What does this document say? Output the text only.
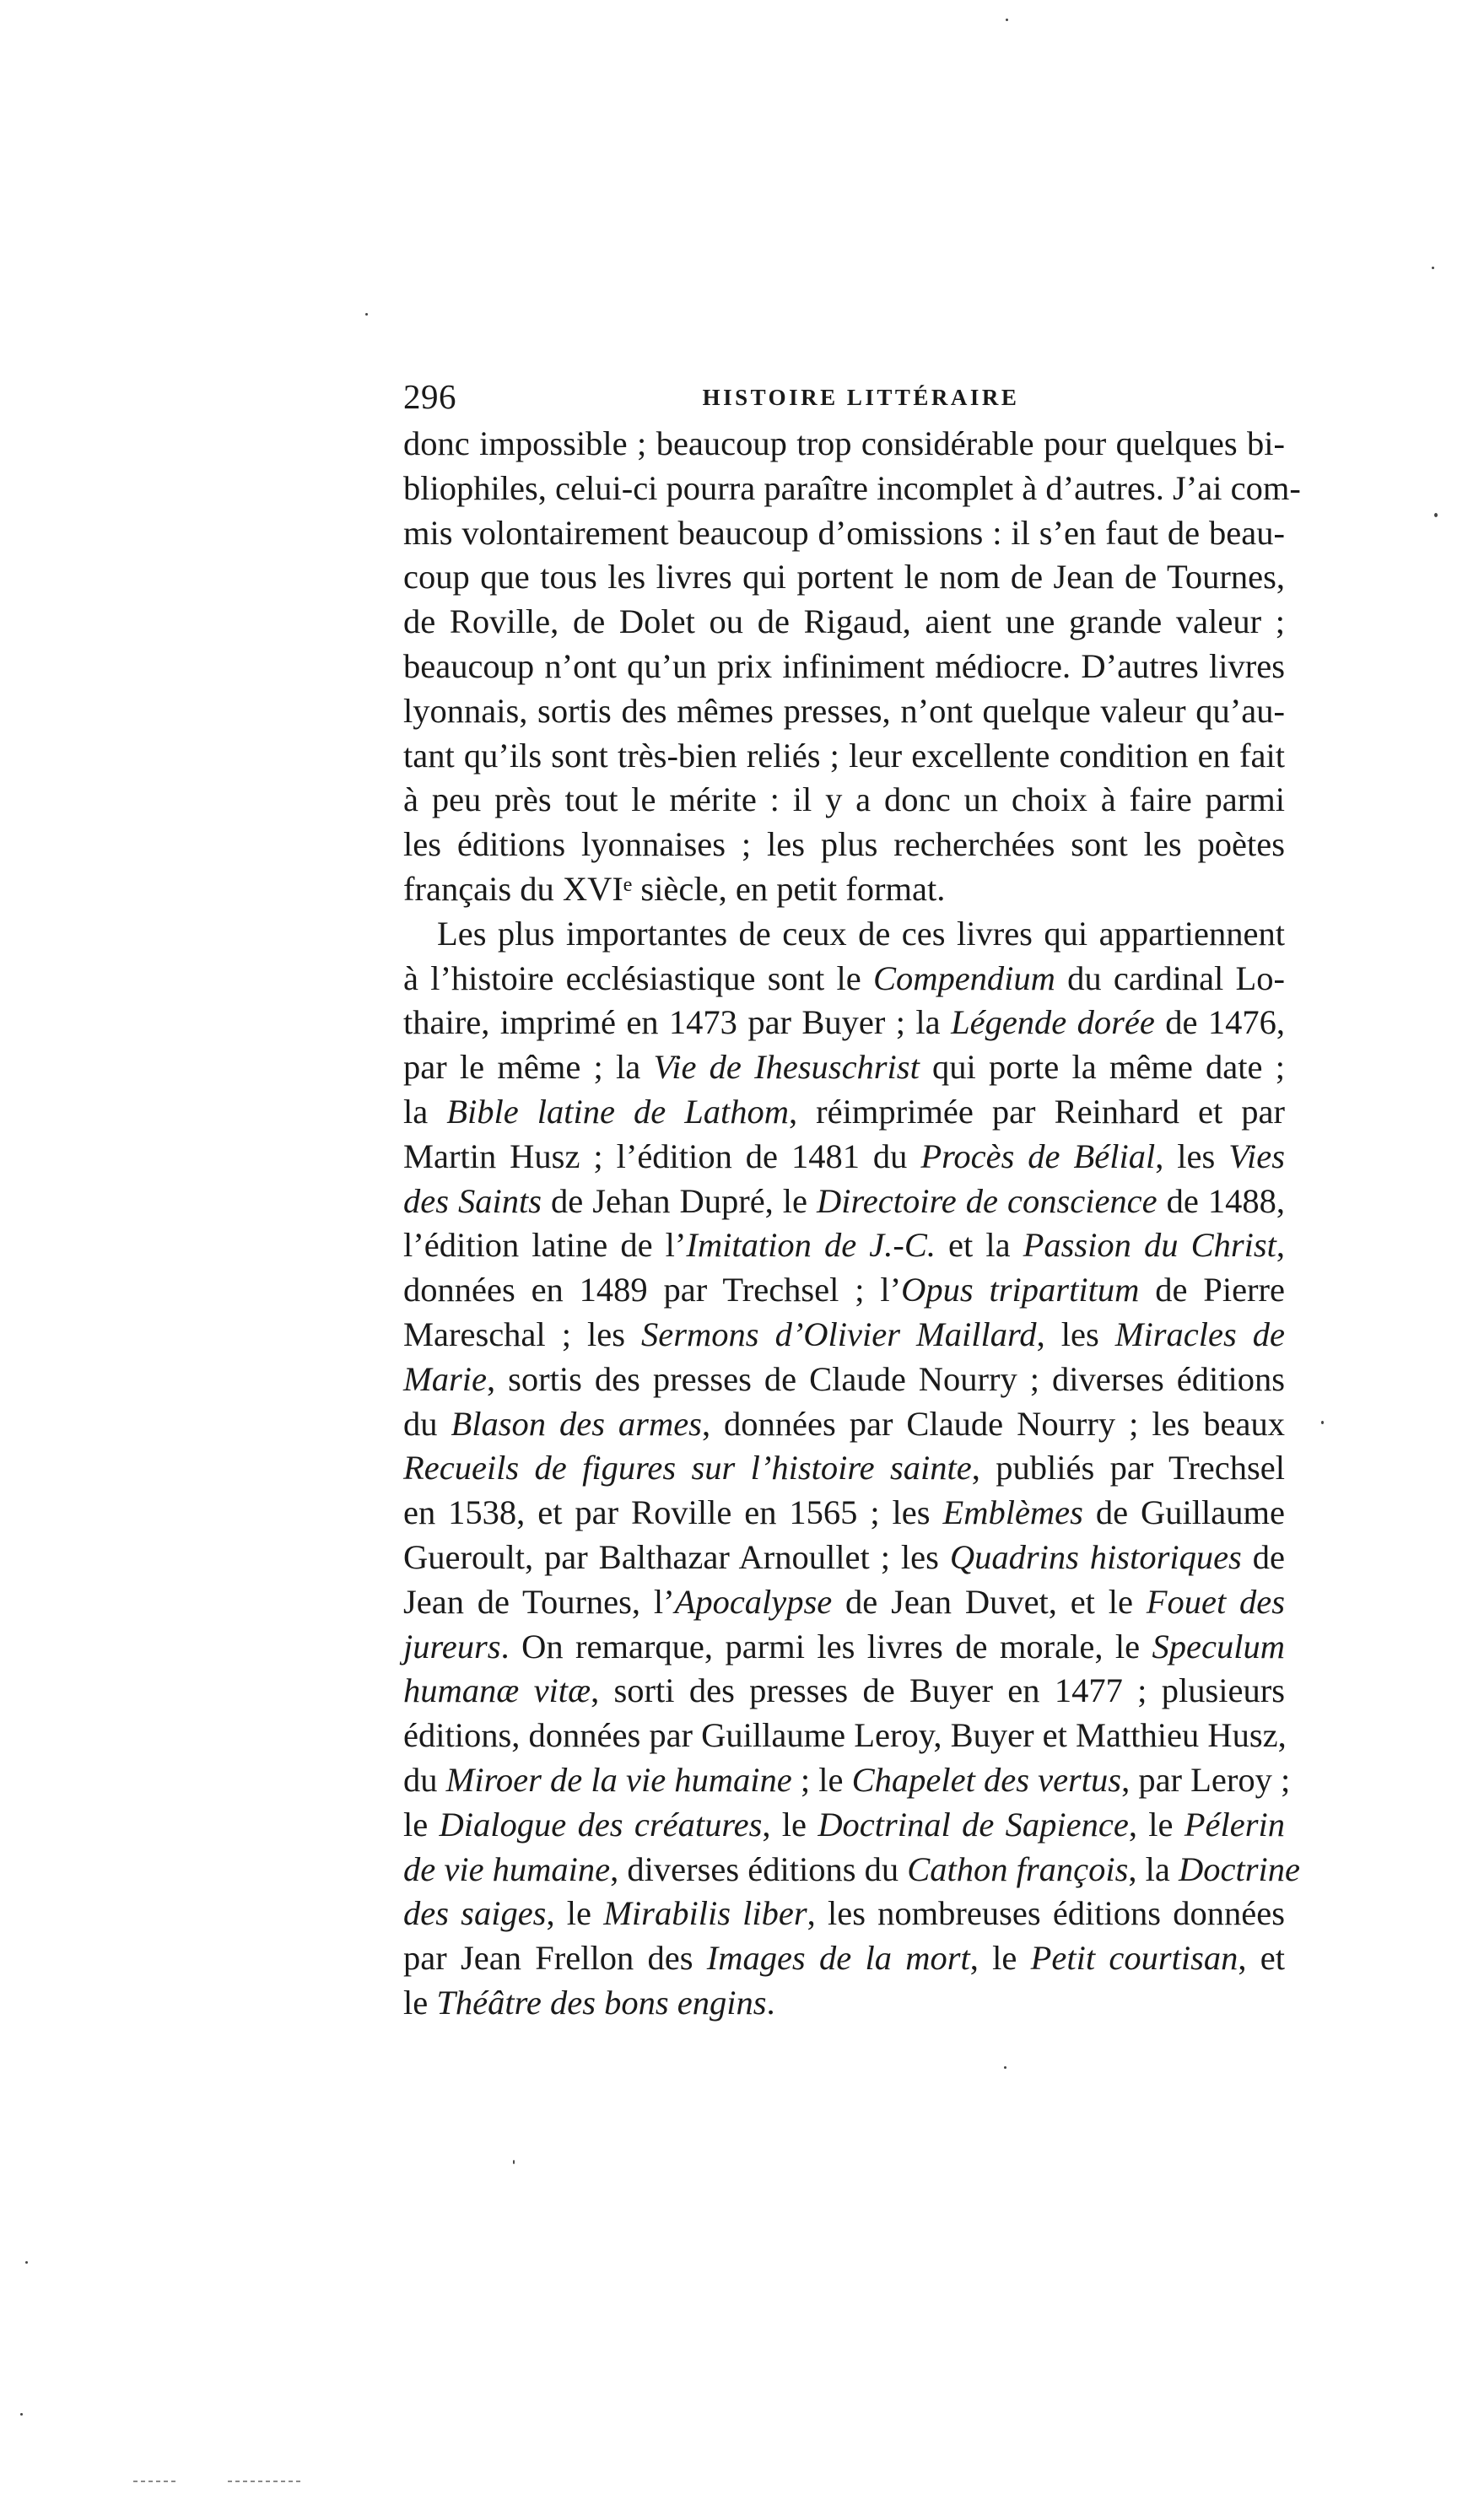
296	HISTOIRE LITTÉRAIRE
donc impossible ; beaucoup trop considérable pour quelques bi-
bliophiles, celui-ci pourra paraître incomplet à d’autres. J’ai com-
mis volontairement beaucoup d’omissions : il s’en faut de beau-
coup que tous les livres qui portent le nom de Jean de Tournes,
de Roville, de Dolet ou de Rigaud, aient une grande valeur ;
beaucoup n’ont qu’un prix infiniment médiocre. D’autres livres
lyonnais, sortis des mêmes presses, n’ont quelque valeur qu’au-
tant qu’ils sont très-bien reliés ; leur excellente condition en fait
à peu près tout le mérite : il y a donc un choix à faire parmi
les éditions lyonnaises ; les plus recherchées sont les poètes
français du XVIᵉ siècle, en petit format.
Les plus importantes de ceux de ces livres qui appartiennent
à l’histoire ecclésiastique sont le Compendium du cardinal Lo-
thaire, imprimé en 1473 par Buyer ; la Légende dorée de 1476,
par le même ; la Vie de Ihesuschrist qui porte la même date ;
la Bible latine de Lathom, réimprimée par Reinhard et par
Martin Husz ; l’édition de 1481 du Procès de Bélial, les Vies
des Saints de Jehan Dupré, le Directoire de conscience de 1488,
l’édition latine de l’Imitation de J.-C. et la Passion du Christ,
données en 1489 par Trechsel ; l’Opus tripartitum de Pierre
Mareschal ; les Sermons d’Olivier Maillard, les Miracles de
Marie, sortis des presses de Claude Nourry ; diverses éditions
du Blason des armes, données par Claude Nourry ; les beaux
Recueils de figures sur l’histoire sainte, publiés par Trechsel
en 1538, et par Roville en 1565 ; les Emblèmes de Guillaume
Gueroult, par Balthazar Arnoullet ; les Quadrins historiques de
Jean de Tournes, l’Apocalypse de Jean Duvet, et le Fouet des
jureurs. On remarque, parmi les livres de morale, le Speculum
humanæ vitæ, sorti des presses de Buyer en 1477 ; plusieurs
éditions, données par Guillaume Leroy, Buyer et Matthieu Husz,
du Miroer de la vie humaine ; le Chapelet des vertus, par Leroy ;
le Dialogue des créatures, le Doctrinal de Sapience, le Pélerin
de vie humaine, diverses éditions du Cathon françois, la Doctrine
des saiges, le Mirabilis liber, les nombreuses éditions données
par Jean Frellon des Images de la mort, le Petit courtisan, et
le Théâtre des bons engins.
